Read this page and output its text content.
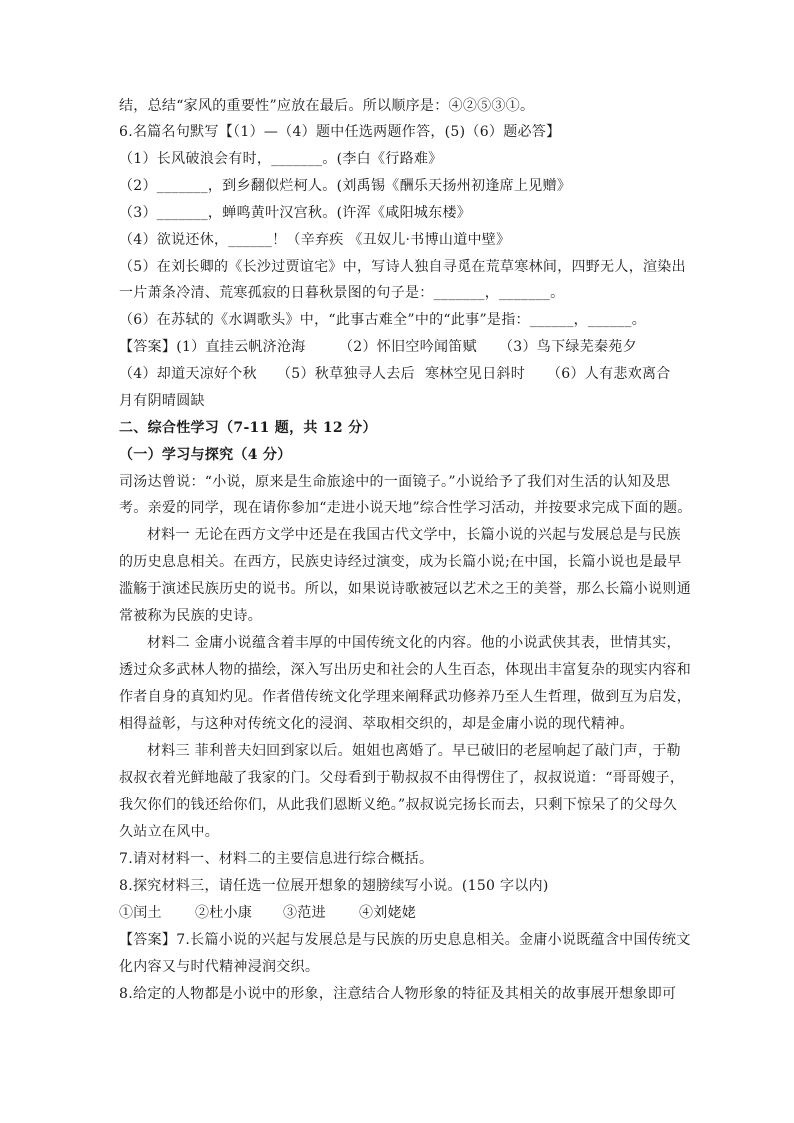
结，总结“家风的重要性”应放在最后。所以顺序是：④②⑤③①。
6.名篇名句默写【（1）—（4）题中任选两题作答，(5)（6）题必答】
（1）长风破浪会有时，_______。(李白《行路难》
（2）_______，到乡翻似烂柯人。(刘禹锡《酬乐天扬州初逢席上见赠》
（3）_______，蝉鸣黄叶汉宫秋。(许浑《咸阳城东楼》
（4）欲说还休，______！（辛弃疾 《丑奴儿·书博山道中壁》
（5）在刘长卿的《长沙过贾谊宅》中，写诗人独自寻觅在荒草寒林间，四野无人，渲染出
一片萧条冷清、荒寒孤寂的日暮秋景图的句子是：_______，_______。
（6）在苏轼的《水调歌头》中，“此事古难全”中的“此事”是指：______，______。
【答案】(1）直挂云帆济沧海 （2）怀旧空吟闻笛赋 （3）鸟下绿芜秦苑夕
（4）却道天凉好个秋 （5）秋草独寻人去后 寒林空见日斜时 （6）人有悲欢离合
月有阴晴圆缺
二、综合性学习（7-11 题，共 12 分）
（一）学习与探究（4 分）
司汤达曾说：“小说，原来是生命旅途中的一面镜子。”小说给予了我们对生活的认知及思
考。亲爱的同学，现在请你参加“走进小说天地”综合性学习活动，并按要求完成下面的题。
材料一 无论在西方文学中还是在我国古代文学中，长篇小说的兴起与发展总是与民族
的历史息息相关。在西方，民族史诗经过演变，成为长篇小说;在中国，长篇小说也是最早
滥觞于演述民族历史的说书。所以，如果说诗歌被冠以艺术之王的美誉，那么长篇小说则通
常被称为民族的史诗。
材料二 金庸小说蕴含着丰厚的中国传统文化的内容。他的小说武侠其表，世情其实，
透过众多武林人物的描绘，深入写出历史和社会的人生百态，体现出丰富复杂的现实内容和
作者自身的真知灼见。作者借传统文化学理来阐释武功修养乃至人生哲理，做到互为启发，
相得益彰，与这种对传统文化的浸润、萃取相交织的，却是金庸小说的现代精神。
材料三 菲利普夫妇回到家以后。姐姐也离婚了。早已破旧的老屋响起了敲门声，于勒
叔叔衣着光鲜地敲了我家的门。父母看到于勒叔叔不由得愣住了，叔叔说道：“哥哥嫂子，
我欠你们的钱还给你们，从此我们恩断义绝。”叔叔说完扬长而去，只剩下惊呆了的父母久
久站立在风中。
7.请对材料一、材料二的主要信息进行综合概括。
8.探究材料三，请任选一位展开想象的翅膀续写小说。(150 字以内)
①闰土 ②杜小康 ③范进 ④刘姥姥
【答案】7.长篇小说的兴起与发展总是与民族的历史息息相关。金庸小说既蕴含中国传统文
化内容又与时代精神浸润交织。
8.给定的人物都是小说中的形象，注意结合人物形象的特征及其相关的故事展开想象即可
